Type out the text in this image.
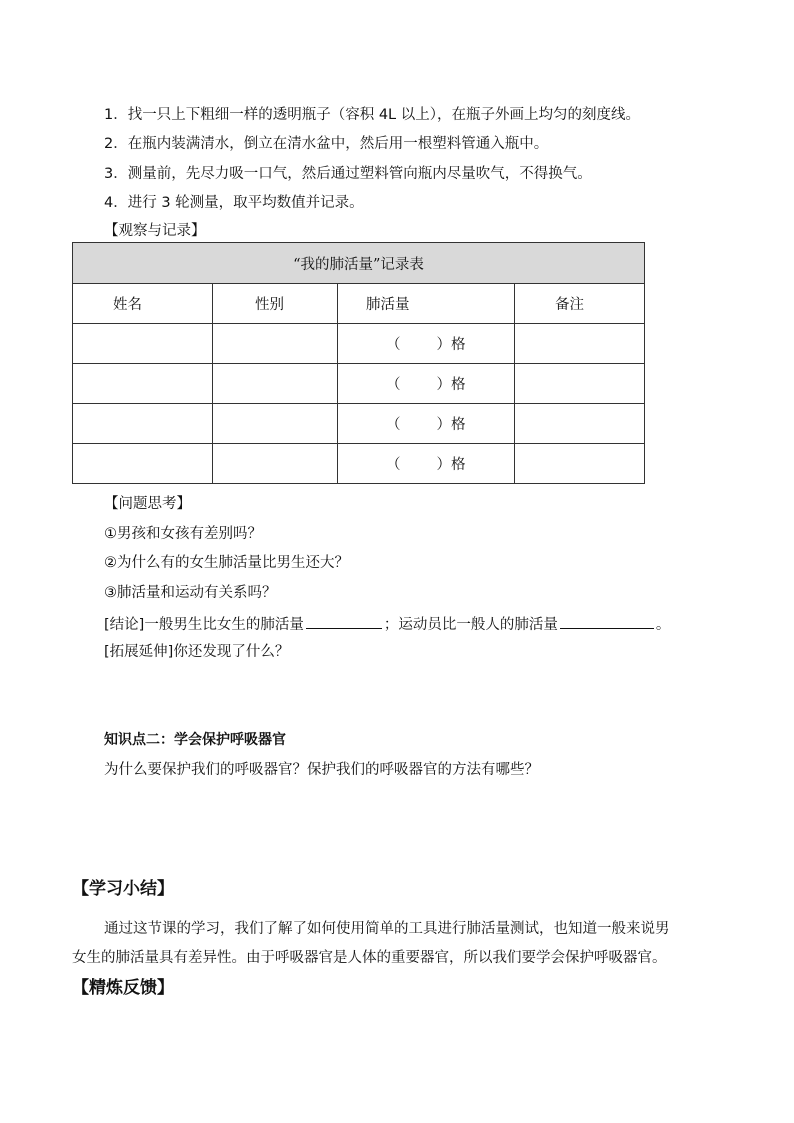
1．找一只上下粗细一样的透明瓶子（容积 4L 以上），在瓶子外画上均匀的刻度线。
2．在瓶内装满清水，倒立在清水盆中，然后用一根塑料管通入瓶中。
3．测量前，先尽力吸一口气，然后通过塑料管向瓶内尽量吹气，不得换气。
4．进行 3 轮测量，取平均数值并记录。
【观察与记录】
“我的肺活量”记录表			
姓名	性别	肺活量	备注
		（ ）格	
		（ ）格	
		（ ）格	
		（ ）格	
【问题思考】
①男孩和女孩有差别吗？
②为什么有的女生肺活量比男生还大？
③肺活量和运动有关系吗？
[结论]一般男生比女生的肺活量	；运动员比一般人的肺活量	。
[拓展延伸]你还发现了什么？
知识点二：学会保护呼吸器官
为什么要保护我们的呼吸器官？保护我们的呼吸器官的方法有哪些？
【学习小结】
通过这节课的学习，我们了解了如何使用简单的工具进行肺活量测试，也知道一般来说男
女生的肺活量具有差异性。由于呼吸器官是人体的重要器官，所以我们要学会保护呼吸器官。
【精炼反馈】
